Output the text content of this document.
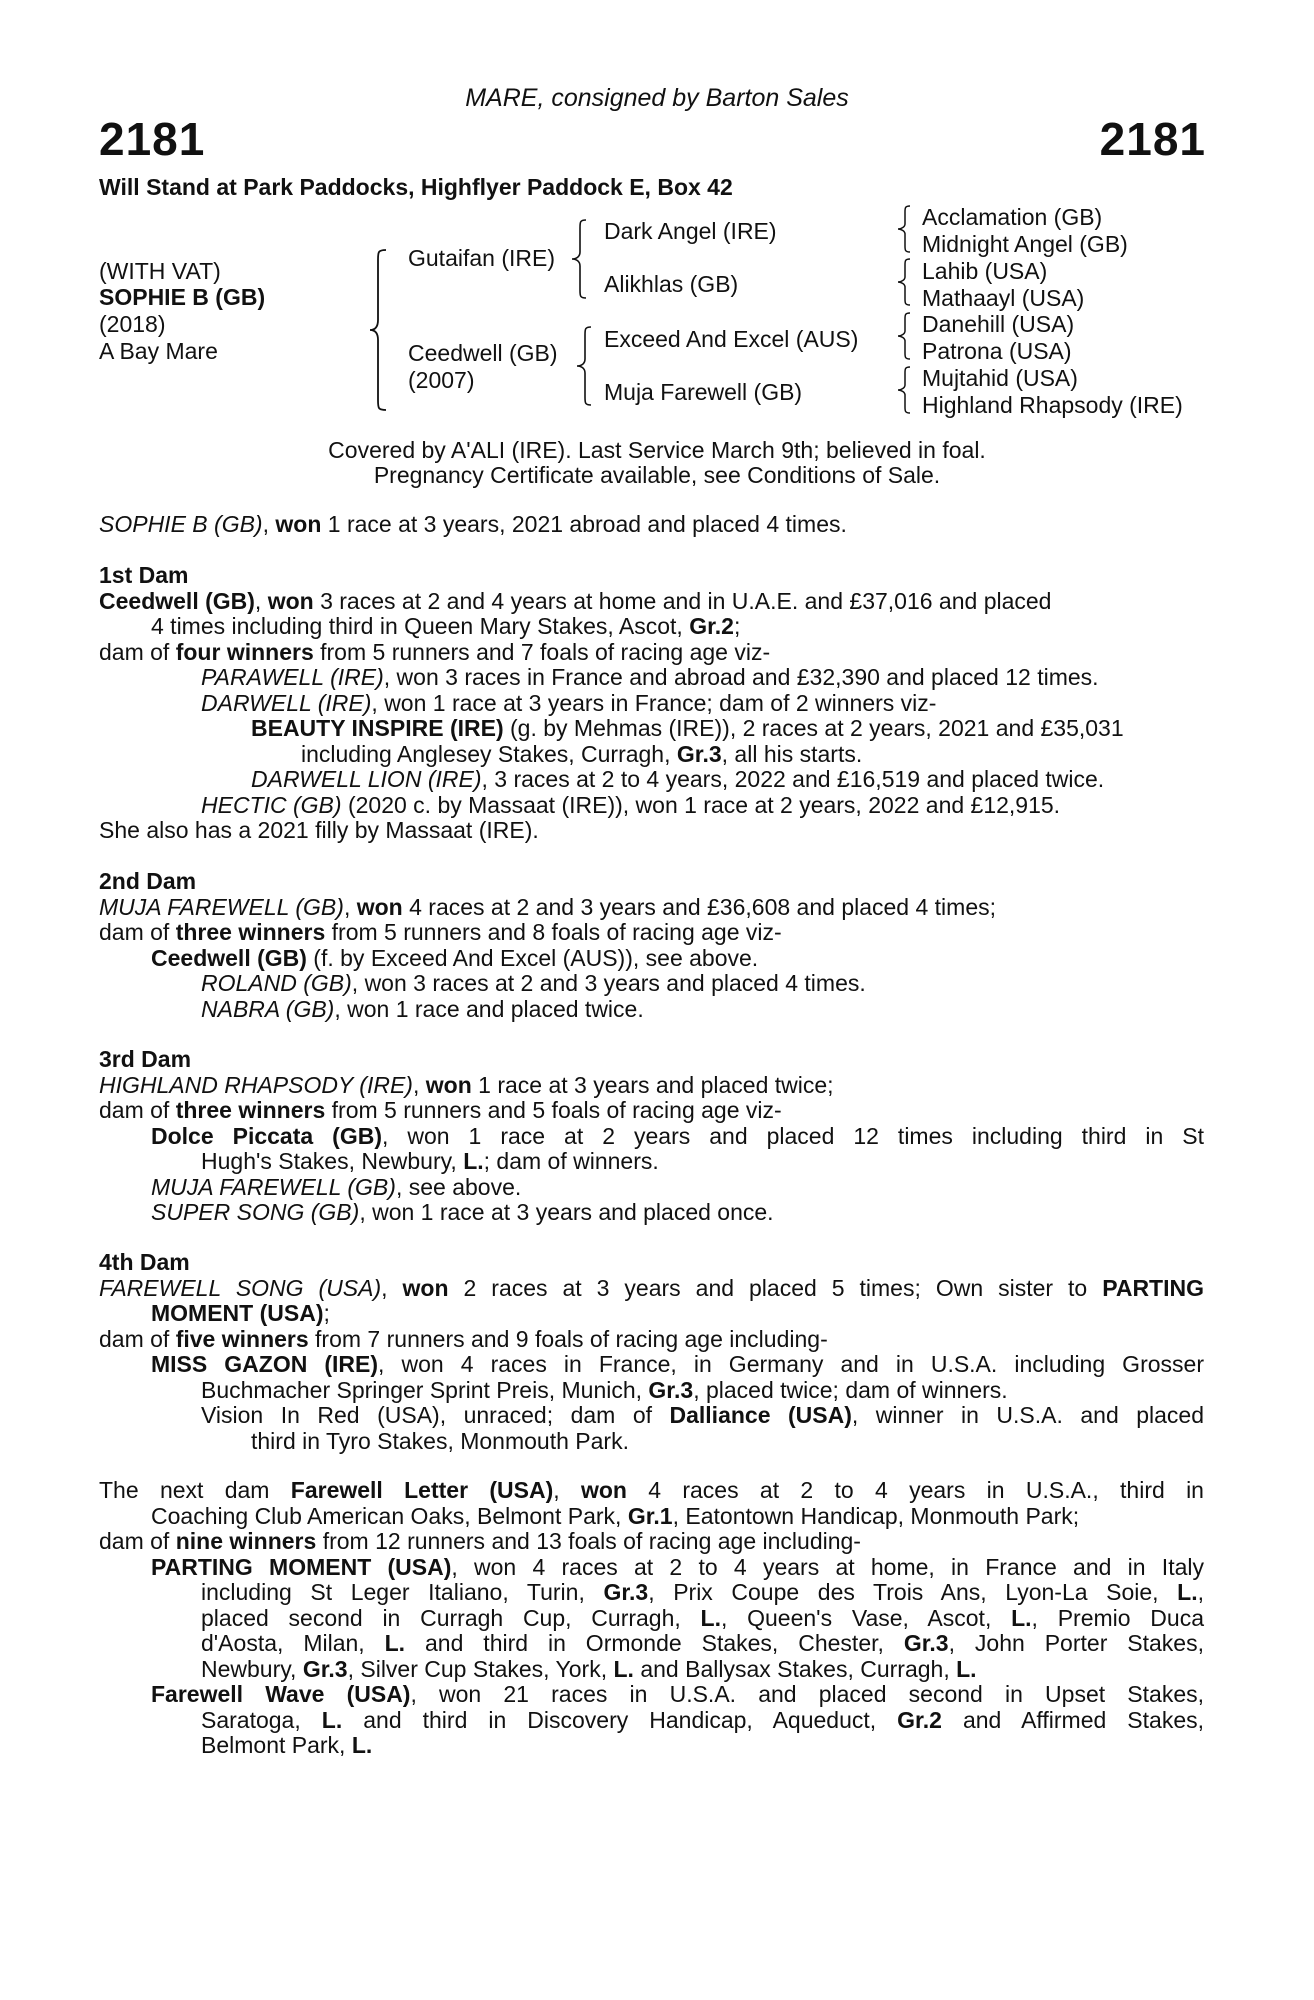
MARE, consigned by Barton Sales
2181	2181
Will Stand at Park Paddocks, Highflyer Paddock E, Box 42
(WITH VAT)
SOPHIE B (GB)
(2018)
A Bay Mare
Gutaifan (IRE)
Ceedwell (GB)
(2007)
Dark Angel (IRE)
Alikhlas (GB)
Exceed And Excel (AUS)
Muja Farewell (GB)
Acclamation (GB)
Midnight Angel (GB)
Lahib (USA)
Mathaayl (USA)
Danehill (USA)
Patrona (USA)
Mujtahid (USA)
Highland Rhapsody (IRE)
Covered by A'ALI (IRE). Last Service March 9th; believed in foal.
Pregnancy Certificate available, see Conditions of Sale.
SOPHIE B (GB), won 1 race at 3 years, 2021 abroad and placed 4 times.
1st Dam
Ceedwell (GB), won 3 races at 2 and 4 years at home and in U.A.E. and £37,016 and placed
4 times including third in Queen Mary Stakes, Ascot, Gr.2;
dam of four winners from 5 runners and 7 foals of racing age viz-
PARAWELL (IRE), won 3 races in France and abroad and £32,390 and placed 12 times.
DARWELL (IRE), won 1 race at 3 years in France; dam of 2 winners viz-
BEAUTY INSPIRE (IRE) (g. by Mehmas (IRE)), 2 races at 2 years, 2021 and £35,031
including Anglesey Stakes, Curragh, Gr.3, all his starts.
DARWELL LION (IRE), 3 races at 2 to 4 years, 2022 and £16,519 and placed twice.
HECTIC (GB) (2020 c. by Massaat (IRE)), won 1 race at 2 years, 2022 and £12,915.
She also has a 2021 filly by Massaat (IRE).
2nd Dam
MUJA FAREWELL (GB), won 4 races at 2 and 3 years and £36,608 and placed 4 times;
dam of three winners from 5 runners and 8 foals of racing age viz-
Ceedwell (GB) (f. by Exceed And Excel (AUS)), see above.
ROLAND (GB), won 3 races at 2 and 3 years and placed 4 times.
NABRA (GB), won 1 race and placed twice.
3rd Dam
HIGHLAND RHAPSODY (IRE), won 1 race at 3 years and placed twice;
dam of three winners from 5 runners and 5 foals of racing age viz-
Dolce Piccata (GB), won 1 race at 2 years and placed 12 times including third in St
Hugh's Stakes, Newbury, L.; dam of winners.
MUJA FAREWELL (GB), see above.
SUPER SONG (GB), won 1 race at 3 years and placed once.
4th Dam
FAREWELL SONG (USA), won 2 races at 3 years and placed 5 times; Own sister to PARTING
MOMENT (USA);
dam of five winners from 7 runners and 9 foals of racing age including-
MISS GAZON (IRE), won 4 races in France, in Germany and in U.S.A. including Grosser
Buchmacher Springer Sprint Preis, Munich, Gr.3, placed twice; dam of winners.
Vision In Red (USA), unraced; dam of Dalliance (USA), winner in U.S.A. and placed
third in Tyro Stakes, Monmouth Park.
The next dam Farewell Letter (USA), won 4 races at 2 to 4 years in U.S.A., third in
Coaching Club American Oaks, Belmont Park, Gr.1, Eatontown Handicap, Monmouth Park;
dam of nine winners from 12 runners and 13 foals of racing age including-
PARTING MOMENT (USA), won 4 races at 2 to 4 years at home, in France and in Italy
including St Leger Italiano, Turin, Gr.3, Prix Coupe des Trois Ans, Lyon-La Soie, L.,
placed second in Curragh Cup, Curragh, L., Queen's Vase, Ascot, L., Premio Duca
d'Aosta, Milan, L. and third in Ormonde Stakes, Chester, Gr.3, John Porter Stakes,
Newbury, Gr.3, Silver Cup Stakes, York, L. and Ballysax Stakes, Curragh, L.
Farewell Wave (USA), won 21 races in U.S.A. and placed second in Upset Stakes,
Saratoga, L. and third in Discovery Handicap, Aqueduct, Gr.2 and Affirmed Stakes,
Belmont Park, L.
